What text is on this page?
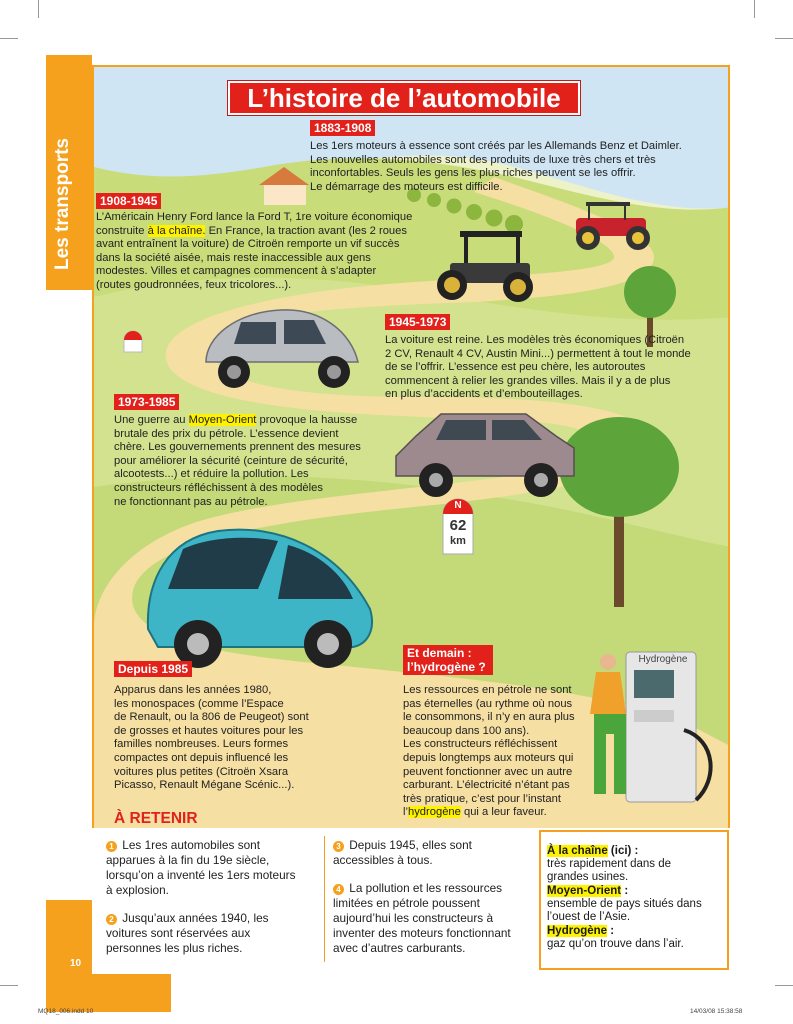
Les transports
10
N
62
km
Hydrogène
L’histoire de l’automobile
1883-1908
Les 1ers moteurs à essence sont créés par les Allemands Benz et Daimler.
Les nouvelles automobiles sont des produits de luxe très chers et très
inconfortables. Seuls les gens les plus riches peuvent se les offrir.
Le démarrage des moteurs est difficile.
1908-1945
L’Américain Henry Ford lance la Ford T, 1re voiture économique
construite à la chaîne. En France, la traction avant (les 2 roues
avant entraînent la voiture) de Citroën remporte un vif succès
dans la société aisée, mais reste inaccessible aux gens
modestes. Villes et campagnes commencent à s’adapter
(routes goudronnées, feux tricolores...).
1945-1973
La voiture est reine. Les modèles très économiques (Citroën
2 CV, Renault 4 CV, Austin Mini...) permettent à tout le monde
de se l’offrir. L’essence est peu chère, les autoroutes
commencent à relier les grandes villes. Mais il y a de plus
en plus d’accidents et d’embouteillages.
1973-1985
Une guerre au Moyen-Orient provoque la hausse
brutale des prix du pétrole. L’essence devient
chère. Les gouvernements prennent des mesures
pour améliorer la sécurité (ceinture de sécurité,
alcootests...) et réduire la pollution. Les
constructeurs réfléchissent à des modèles
ne fonctionnant pas au pétrole.
Depuis 1985
Apparus dans les années 1980,
les monospaces (comme l’Espace
de Renault, ou la 806 de Peugeot) sont
de grosses et hautes voitures pour les
familles nombreuses. Leurs formes
compactes ont depuis influencé les
voitures plus petites (Citroën Xsara
Picasso, Renault Mégane Scénic...).
Et demain :
l’hydrogène ?
Les ressources en pétrole ne sont
pas éternelles (au rythme où nous
le consommons, il n’y en aura plus
beaucoup dans 100 ans).
Les constructeurs réfléchissent
depuis longtemps aux moteurs qui
peuvent fonctionner avec un autre
carburant. L’électricité n’étant pas
très pratique, c’est pour l’instant
l’hydrogène qui a leur faveur.
À RETENIR
1 Les 1res automobiles sont
apparues à la fin du 19e siècle,
lorsqu’on a inventé les 1ers moteurs
à explosion.
2 Jusqu’aux années 1940, les
voitures sont réservées aux
personnes les plus riches.
3 Depuis 1945, elles sont
accessibles à tous.
4 La pollution et les ressources
limitées en pétrole poussent
aujourd’hui les constructeurs à
inventer des moteurs fonctionnant
avec d’autres carburants.
À la chaîne (ici) :
très rapidement dans de
grandes usines.
Moyen-Orient :
ensemble de pays situés dans
l’ouest de l’Asie.
Hydrogène :
gaz qu’on trouve dans l’air.
MQ18_006.indd 10	14/03/08 15:38:58
